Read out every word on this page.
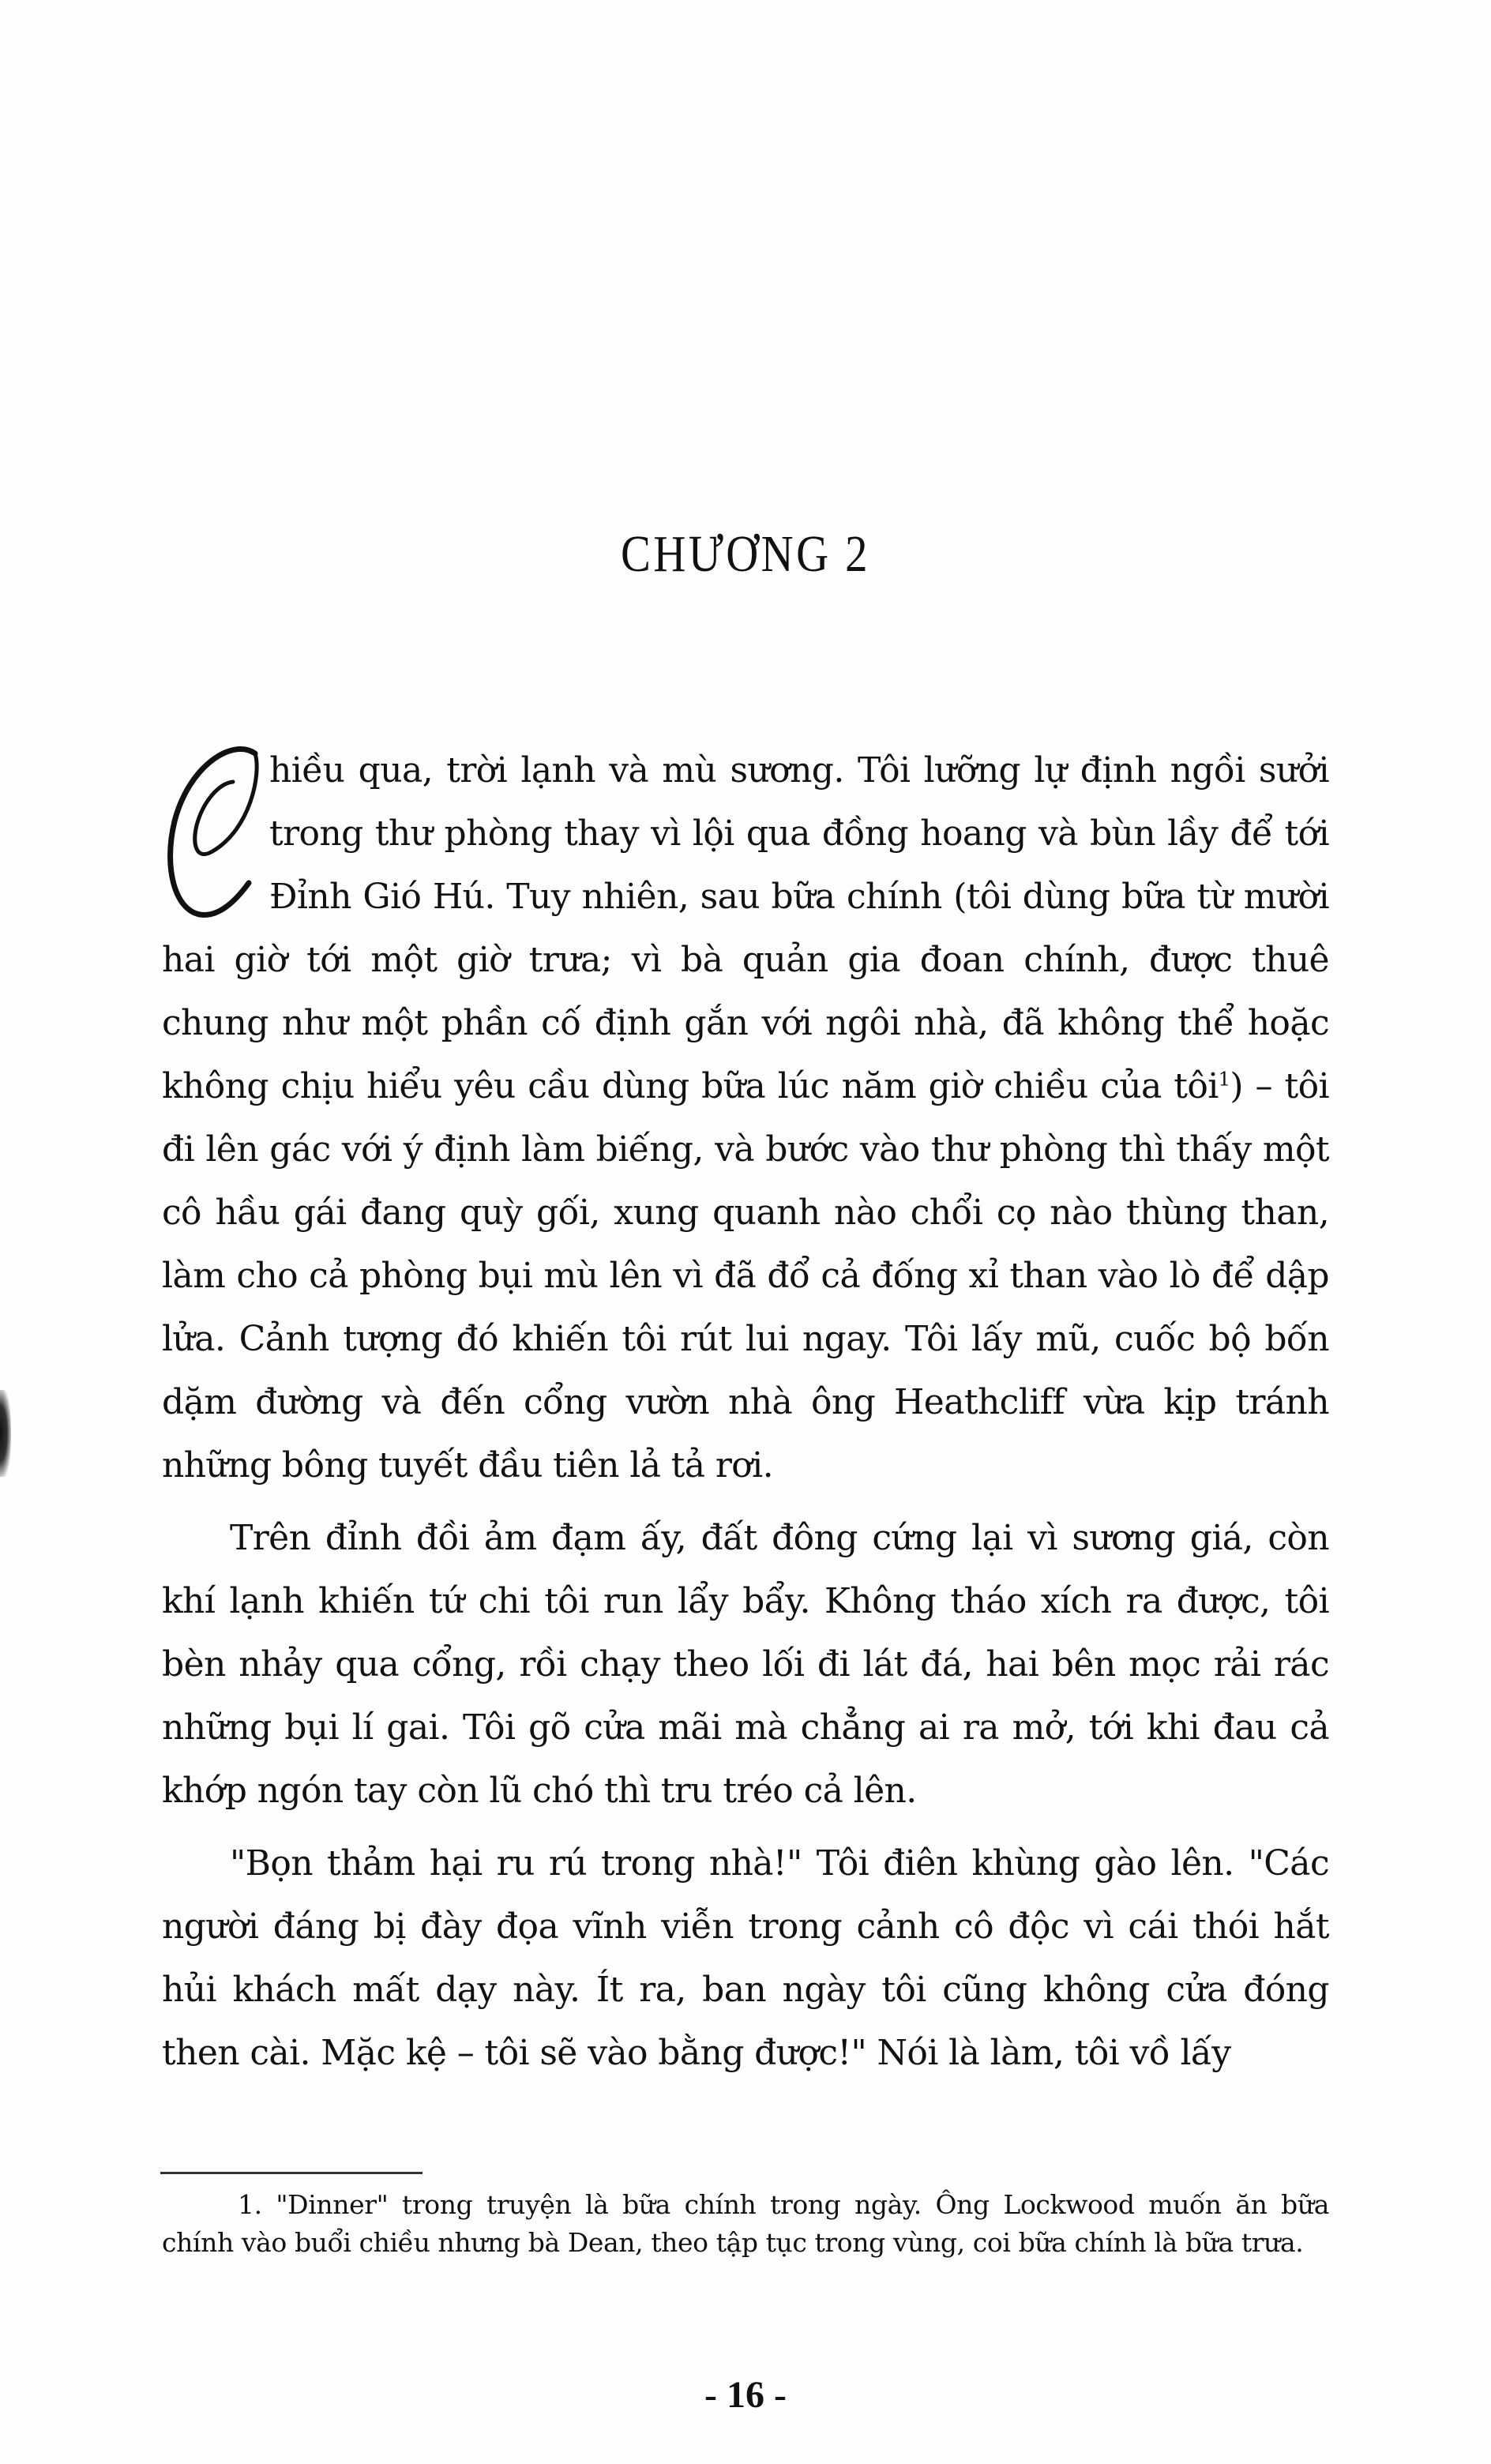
CHƯƠNG 2

hiều qua, trời lạnh và mù sương. Tôi lưỡng lự định ngồi sưởi trong thư phòng thay vì lội qua đồng hoang và bùn lầy để tới Đỉnh Gió Hú. Tuy nhiên, sau bữa chính (tôi dùng bữa từ mười hai giờ tới một giờ trưa; vì bà quản gia đoan chính, được thuê chung như một phần cố định gắn với ngôi nhà, đã không thể hoặc không chịu hiểu yêu cầu dùng bữa lúc năm giờ chiều của tôi$^1$) – tôi đi lên gác với ý định làm biếng, và bước vào thư phòng thì thấy một cô hầu gái đang quỳ gối, xung quanh nào chổi cọ nào thùng than, làm cho cả phòng bụi mù lên vì đã đổ cả đống xỉ than vào lò để dập lửa. Cảnh tượng đó khiến tôi rút lui ngay. Tôi lấy mũ, cuốc bộ bốn dặm đường và đến cổng vườn nhà ông Heathcliff vừa kịp tránh những bông tuyết đầu tiên lả tả rơi.

Trên đỉnh đồi ảm đạm ấy, đất đông cứng lại vì sương giá, còn khí lạnh khiến tứ chi tôi run lẩy bẩy. Không tháo xích ra được, tôi bèn nhảy qua cổng, rồi chạy theo lối đi lát đá, hai bên mọc rải rác những bụi lí gai. Tôi gõ cửa mãi mà chẳng ai ra mở, tới khi đau cả khớp ngón tay còn lũ chó thì tru tréo cả lên.

"Bọn thảm hại ru rú trong nhà!" Tôi điên khùng gào lên. "Các người đáng bị đày đọa vĩnh viễn trong cảnh cô độc vì cái thói hắt hủi khách mất dạy này. Ít ra, ban ngày tôi cũng không cửa đóng then cài. Mặc kệ – tôi sẽ vào bằng được!" Nói là làm, tôi vồ lấy

1. "Dinner" trong truyện là bữa chính trong ngày. Ông Lockwood muốn ăn bữa chính vào buổi chiều nhưng bà Dean, theo tập tục trong vùng, coi bữa chính là bữa trưa.

- 16 -
